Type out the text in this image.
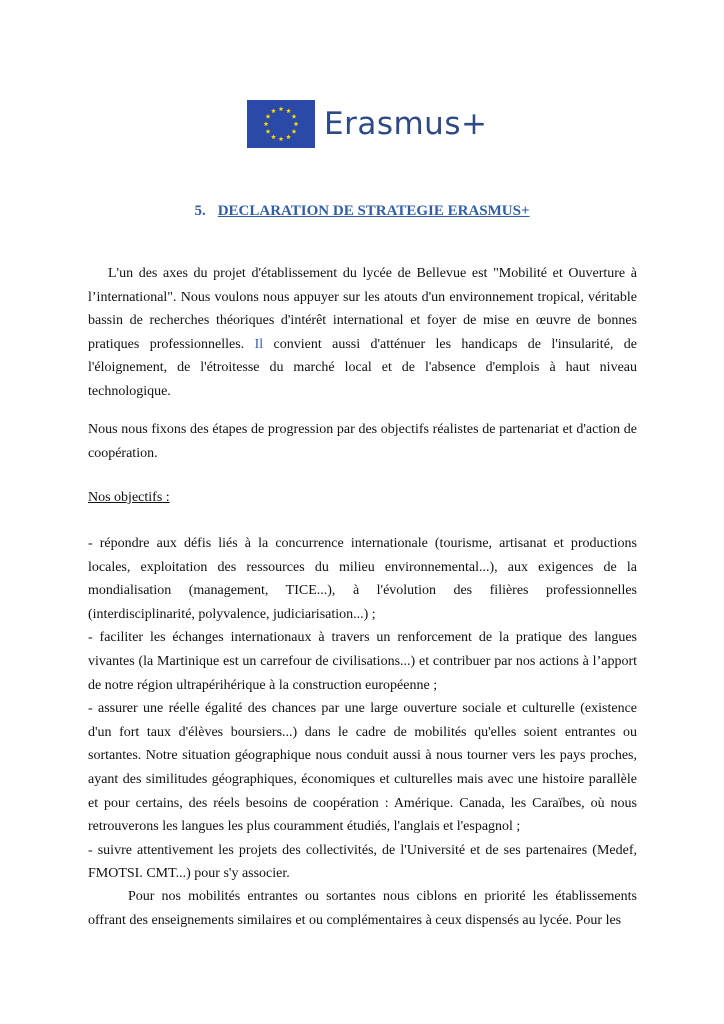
Erasmus+
5. DECLARATION DE STRATEGIE ERASMUS+
L'un des axes du projet d'établissement du lycée de Bellevue est "Mobilité et Ouverture à l’international". Nous voulons nous appuyer sur les atouts d'un environnement tropical, véritable bassin de recherches théoriques d'intérêt international et foyer de mise en œuvre de bonnes pratiques professionnelles. Il convient aussi d'atténuer les handicaps de l'insularité, de l'éloignement, de l'étroitesse du marché local et de l'absence d'emplois à haut niveau technologique.
Nous nous fixons des étapes de progression par des objectifs réalistes de partenariat et d'action de coopération.
Nos objectifs :

- répondre aux défis liés à la concurrence internationale (tourisme, artisanat et productions locales, exploitation des ressources du milieu environnemental...), aux exigences de la mondialisation (management, TICE...), à l'évolution des filières professionnelles (interdisciplinarité, polyvalence, judiciarisation...) ;

- faciliter les échanges internationaux à travers un renforcement de la pratique des langues vivantes (la Martinique est un carrefour de civilisations...) et contribuer par nos actions à l’apport de notre région ultrapérihérique à la construction européenne ;

- assurer une réelle égalité des chances par une large ouverture sociale et culturelle (existence d'un fort taux d'élèves boursiers...) dans le cadre de mobilités qu'elles soient entrantes ou sortantes. Notre situation géographique nous conduit aussi à nous tourner vers les pays proches, ayant des similitudes géographiques, économiques et culturelles mais avec une histoire parallèle et pour certains, des réels besoins de coopération : Amérique. Canada, les Caraïbes, où nous retrouverons les langues les plus couramment étudiés, l'anglais et l'espagnol ;

- suivre attentivement les projets des collectivités, de l'Université et de ses partenaires (Medef, FMOTSI. CMT...) pour s'y associer.

Pour nos mobilités entrantes ou sortantes nous ciblons en priorité les établissements offrant des enseignements similaires et ou complémentaires à ceux dispensés au lycée. Pour les
